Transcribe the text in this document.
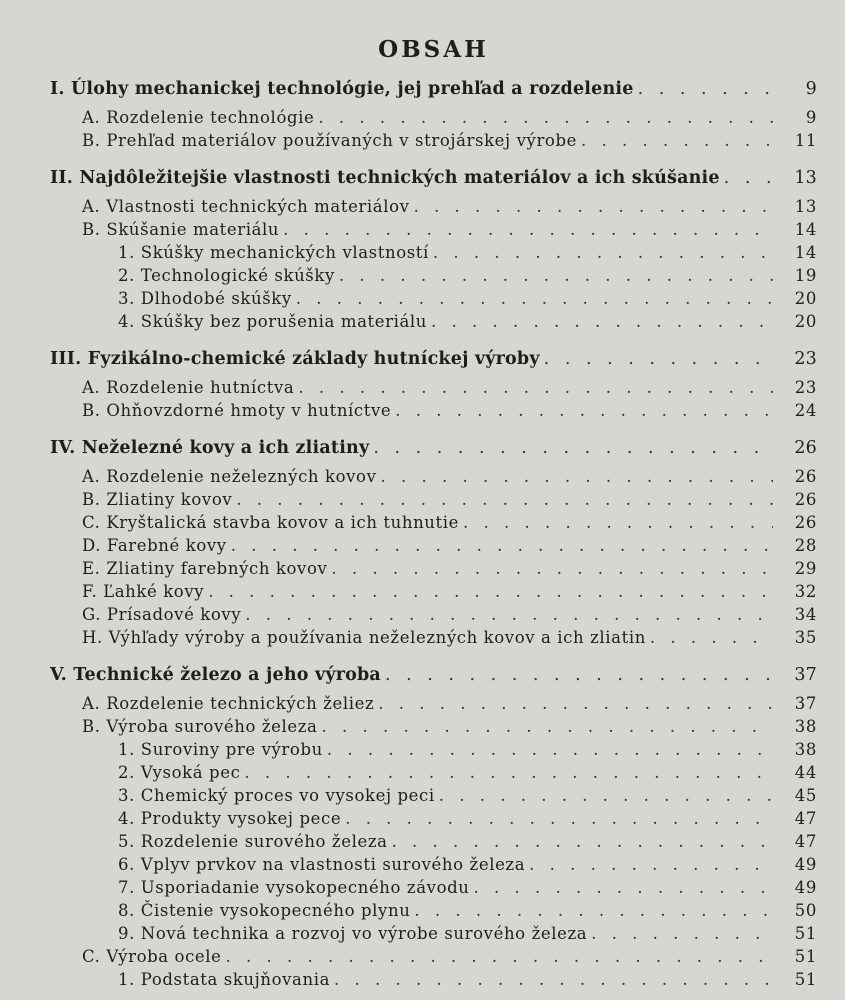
OBSAH
I. Úlohy mechanickej technológie, jej prehľad a rozdelenie . . .	9
A. Rozdelenie technológie . . .	9
B. Prehľad materiálov používaných v strojárskej výrobe . . .	11
II. Najdôležitejšie vlastnosti technických materiálov a ich skúšanie . . .	13
A. Vlastnosti technických materiálov . . .	13
B. Skúšanie materiálu . . .	14
1. Skúšky mechanických vlastností . . .	14
2. Technologické skúšky . . .	19
3. Dlhodobé skúšky . . .	20
4. Skúšky bez porušenia materiálu . . .	20
III. Fyzikálno-chemické základy hutníckej výroby . . .	23
A. Rozdelenie hutníctva . . .	23
B. Ohňovzdorné hmoty v hutníctve . . .	24
IV. Neželezné kovy a ich zliatiny . . .	26
A. Rozdelenie neželezných kovov . . .	26
B. Zliatiny kovov . . .	26
C. Kryštalická stavba kovov a ich tuhnutie . . .	26
D. Farebné kovy . . .	28
E. Zliatiny farebných kovov . . .	29
F. Ľahké kovy . . .	32
G. Prísadové kovy . . .	34
H. Výhľady výroby a používania neželezných kovov a ich zliatin . . .	35
V. Technické železo a jeho výroba . . .	37
A. Rozdelenie technických želiez . . .	37
B. Výroba surového železa . . .	38
1. Suroviny pre výrobu . . .	38
2. Vysoká pec . . .	44
3. Chemický proces vo vysokej peci . . .	45
4. Produkty vysokej pece . . .	47
5. Rozdelenie surového železa . . .	47
6. Vplyv prvkov na vlastnosti surového železa . . .	49
7. Usporiadanie vysokopecného závodu . . .	49
8. Čistenie vysokopecného plynu . . .	50
9. Nová technika a rozvoj vo výrobe surového železa . . .	51
C. Výroba ocele . . .	51
1. Podstata skujňovania . . .	51
